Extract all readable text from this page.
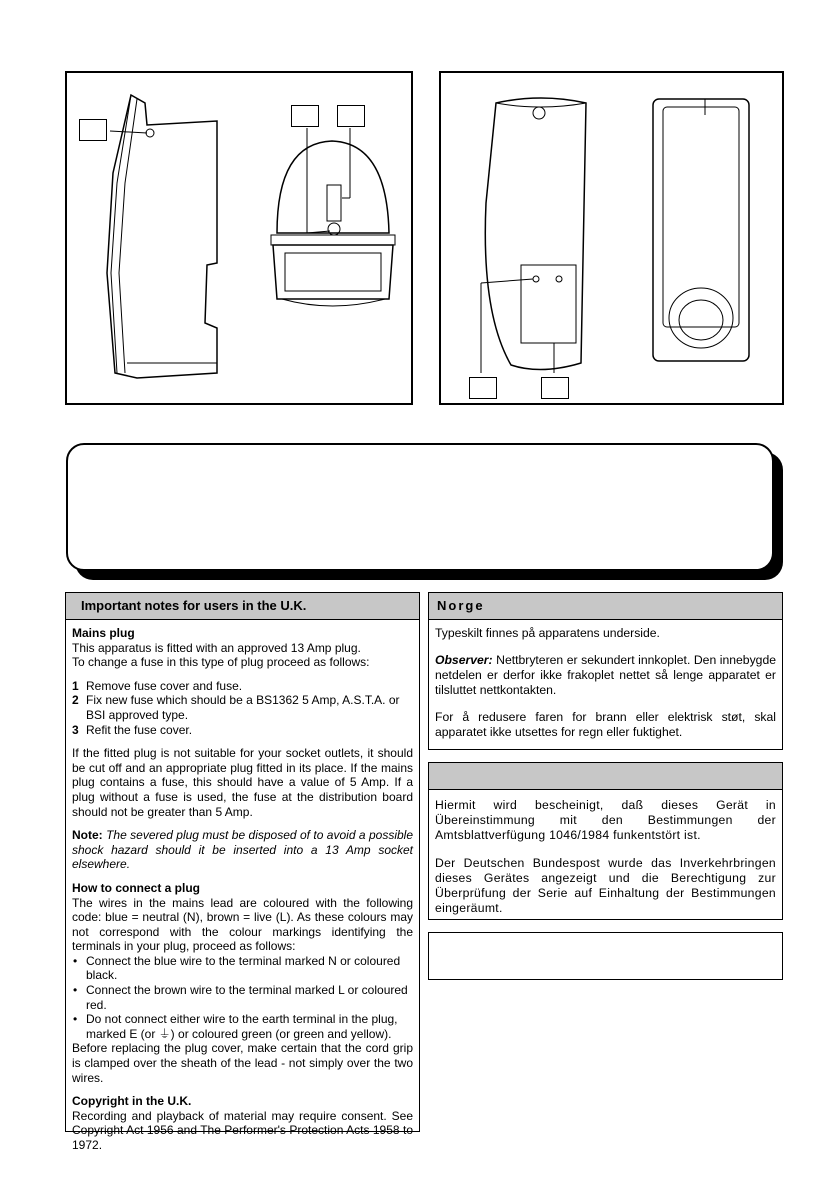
Important notes for users in the U.K.

Mains plug
This apparatus is fitted with an approved 13 Amp plug.
To change a fuse in this type of plug proceed as follows:

1 Remove fuse cover and fuse.
2 Fix new fuse which should be a BS1362 5 Amp, A.S.T.A. or BSI approved type.
3 Refit the fuse cover.

If the fitted plug is not suitable for your socket outlets, it should be cut off and an appropriate plug fitted in its place. If the mains plug contains a fuse, this should have a value of 5 Amp. If a plug without a fuse is used, the fuse at the distribution board should not be greater than 5 Amp.

Note: The severed plug must be disposed of to avoid a possible shock hazard should it be inserted into a 13 Amp socket elsewhere.

How to connect a plug
The wires in the mains lead are coloured with the following code: blue = neutral (N), brown = live (L). As these colours may not correspond with the colour markings identifying the terminals in your plug, proceed as follows:

• Connect the blue wire to the terminal marked N or coloured black.
• Connect the brown wire to the terminal marked L or coloured red.
• Do not connect either wire to the earth terminal in the plug, marked E (or ⏚) or coloured green (or green and yellow).

Before replacing the plug cover, make certain that the cord grip is clamped over the sheath of the lead - not simply over the two wires.

Copyright in the U.K.
Recording and playback of material may require consent. See Copyright Act 1956 and The Performer's Protection Acts 1958 to 1972.

Norge

Typeskilt finnes på apparatens underside.

Observer: Nettbryteren er sekundert innkoplet. Den innebygde netdelen er derfor ikke frakoplet nettet så lenge apparatet er tilsluttet nettkontakten.

For å redusere faren for brann eller elektrisk støt, skal apparatet ikke utsettes for regn eller fuktighet.

Hiermit wird bescheinigt, daß dieses Gerät in Übereinstimmung mit den Bestimmungen der Amtsblattverfügung 1046/1984 funkentstört ist.

Der Deutschen Bundespost wurde das Inverkehrbringen dieses Gerätes angezeigt und die Berechtigung zur Überprüfung der Serie auf Einhaltung der Bestimmungen eingeräumt.
